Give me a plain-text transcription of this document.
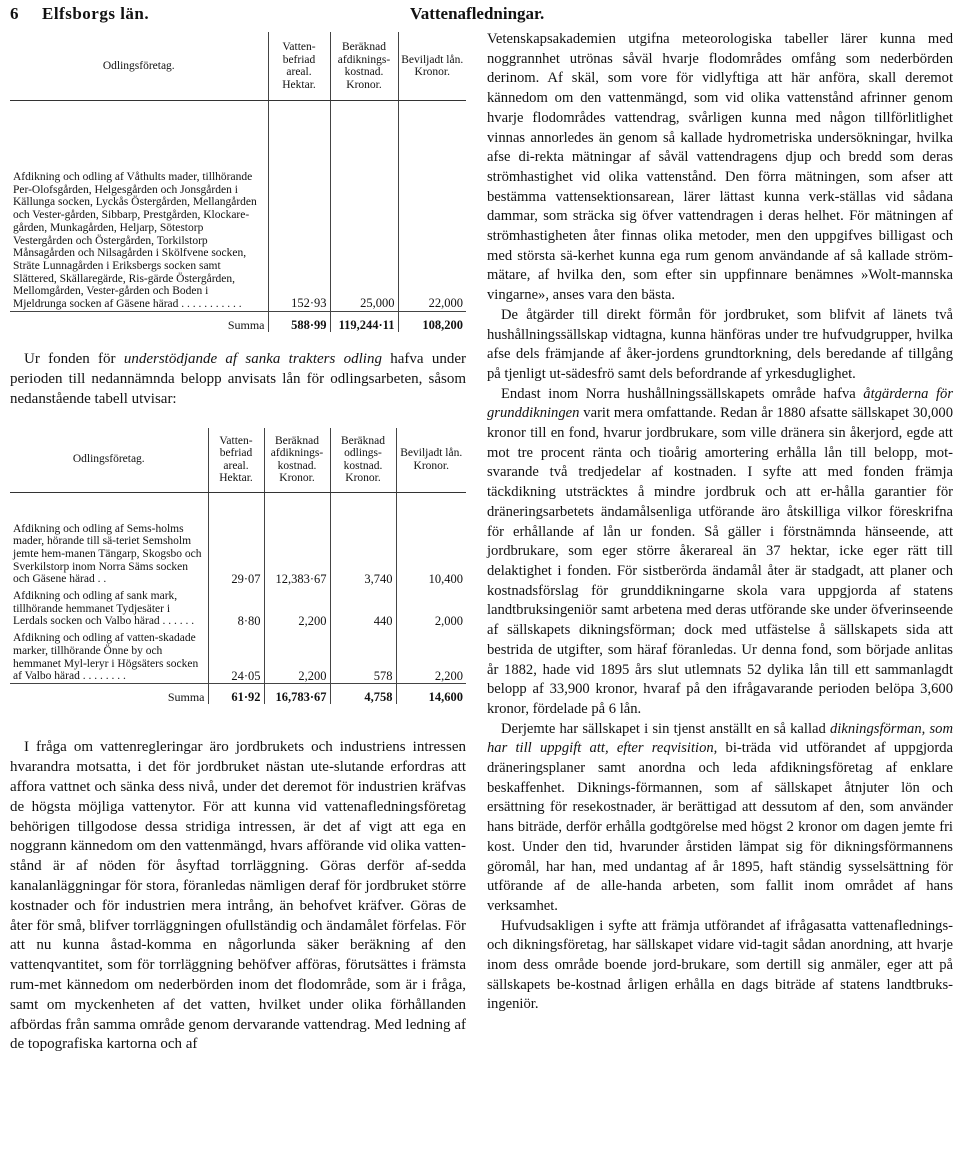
6 Elfsborgs län.	Vattenafledningar.
Odlingsföretag.	Vatten- befriad areal. Hektar.	Beräknad afdiknings- kostnad. Kronor.	Beviljadt lån. Kronor.
Afdikning och odling af Våthults mader, tillhörande Per-Olofsgården, Helgesgården och Jonsgården i Källunga socken, Lyckås Östergården, Mellangården och Vester-gården, Sibbarp, Prestgården, Klockare-gården, Munkagården, Heljarp, Sötestorp Vestergården och Östergården, Torkilstorp Månsagården och Nilsagården i Skölfvene socken, Sträte Lunnagården i Eriksbergs socken samt Slättered, Skällaregärde, Ris-gärde Östergården, Mellomgården, Vester-gården och Boden i Mjeldrunga socken af Gäsene härad . . . . . . . . . . .	152·93	25,000	22,000
Summa	588·99	119,244·11	108,200

Ur fonden för understödjande af sanka trakters odling hafva under perioden till nedannämnda belopp anvisats lån för odlingsarbeten, såsom nedanstående tabell utvisar:

Odlingsföretag.	Vatten- befriad areal. Hektar.	Beräknad afdiknings- kostnad. Kronor.	Beräknad odlings- kostnad. Kronor.	Beviljadt lån. Kronor.
Afdikning och odling af Sems-holms mader, hörande till sä-teriet Semsholm jemte hem-manen Tängarp, Skogsbo och Sverkilstorp inom Norra Säms socken och Gäsene härad . .	29·07	12,383·67	3,740	10,400
Afdikning och odling af sank mark, tillhörande hemmanet Tydjesäter i Lerdals socken och Valbo härad . . . . . .	8·80	2,200	440	2,000
Afdikning och odling af vatten-skadade marker, tillhörande Önne by och hemmanet Myl-leryr i Högsäters socken af Valbo härad . . . . . . . .	24·05	2,200	578	2,200
Summa	61·92	16,783·67	4,758	14,600

I fråga om vattenregleringar äro jordbrukets och industriens intressen hvarandra motsatta, i det för jordbruket nästan ute-slutande erfordras att affora vattnet och sänka dess nivå, under det deremot för industrien kräfvas de högsta möjliga vattenytor. För att kunna vid vattenafledningsföretag behörigen tillgodose dessa stridiga intressen, är det af vigt att ega en noggrann kännedom om den vattenmängd, hvars afförande vid olika vatten-stånd är af nöden för åsyftad torrläggning. Göras derför af-sedda kanalanläggningar för stora, föranledas nämligen deraf för jordbruket större kostnader och för industrien mera intrång, än behofvet kräfver. Göras de åter för små, blifver torrläggningen ofullständig och ändamålet förfelas. För att nu kunna åstad-komma en någorlunda säker beräkning af den vattenqvantitet, som för torrläggning behöfver afföras, förutsättes i främsta rum-met kännedom om nederbörden inom det flodområde, som är i fråga, samt om myckenheten af det vatten, hvilket under olika förhållanden afbördas från samma område genom dervarande vattendrag. Med ledning af de topografiska kartorna och af

Vetenskapsakademien utgifna meteorologiska tabeller lärer kunna med noggrannhet utrönas såväl hvarje flodområdes omfång som nederbörden derinom. Af skäl, som vore för vidlyftiga att här anföra, skall deremot kännedom om den vattenmängd, som vid olika vattenstånd afrinner genom hvarje flodområdes vattendrag, svårligen kunna med någon tillförlitlighet vinnas annorledes än genom så kallade hydrometriska undersökningar, hvilka afse di-rekta mätningar af såväl vattendragens djup och bredd som deras strömhastighet vid olika vattenstånd. Den förra mätningen, som afser att bestämma vattensektionsarean, lärer lättast kunna verk-ställas vid sådana dammar, som sträcka sig öfver vattendragen i deras helhet. För mätningen af strömhastigheten åter finnas olika metoder, men den uppgifves billigast och med största sä-kerhet kunna ega rum genom användande af så kallade ström-mätare, af hvilka den, som efter sin uppfinnare benämnes »Wolt-mannska vingarne», anses vara den bästa.

De åtgärder till direkt förmån för jordbruket, som blifvit af länets två hushållningssällskap vidtagna, kunna hänföras under tre hufvudgrupper, hvilka afse dels främjande af åker-jordens grundtorkning, dels beredande af tillgång på tjenligt ut-sädesfrö samt dels befordrande af yrkesduglighet.

Endast inom Norra hushållningssällskapets område hafva åtgärderna för grunddikningen varit mera omfattande. Redan år 1880 afsatte sällskapet 30,000 kronor till en fond, hvarur jordbrukare, som ville dränera sin åkerjord, egde att mot tre procent ränta och tioårig amortering erhålla lån till belopp, mot-svarande två tredjedelar af kostnaden. I syfte att med fonden främja täckdikning utsträcktes å mindre jordbruk och att er-hålla garantier för dräneringsarbetets ändamålsenliga utförande äro åtskilliga vilkor föreskrifna för erhållande af lån ur fonden. Så gäller i förstnämnda hänseende, att jordbrukare, som eger större åkerareal än 37 hektar, icke eger rätt till delaktighet i fonden. För sistberörda ändamål åter är stadgadt, att planer och kostnadsförslag för grunddikningarne skola vara uppgjorda af statens landtbruksingeniör samt arbetena med deras utförande ske under öfverinseende af sällskapets dikningsförman; dock med utfästelse å sällskapets sida att bestrida de utgifter, som häraf föranledas. Ur denna fond, som började anlitas år 1882, hade vid 1895 års slut utlemnats 52 dylika lån till ett sammanlagdt belopp af 33,900 kronor, hvaraf på den ifrågavarande perioden belöpa 3,600 kronor, fördelade på 6 lån.

Derjemte har sällskapet i sin tjenst anställt en så kallad dikningsförman, som har till uppgift att, efter reqvisition, bi-träda vid utförandet af uppgjorda dräneringsplaner samt anordna och leda afdikningsföretag af enklare beskaffenhet. Diknings-förmannen, som af sällskapet åtnjuter lön och ersättning för resekostnader, är berättigad att dessutom af den, som använder hans biträde, derför erhålla godtgörelse med högst 2 kronor om dagen jemte fri kost. Under den tid, hvarunder årstiden lämpat sig för dikningsförmannens göromål, har han, med undantag af år 1895, haft ständig sysselsättning för utförande af de alle-handa arbeten, som fallit inom området af hans verksamhet.

Hufvudsakligen i syfte att främja utförandet af ifrågasatta vattenaflednings- och dikningsföretag, har sällskapet vidare vid-tagit sådan anordning, att hvarje inom dess område boende jord-brukare, som dertill sig anmäler, eger att på sällskapets be-kostnad årligen erhålla en dags biträde af statens landtbruks-ingeniör.
